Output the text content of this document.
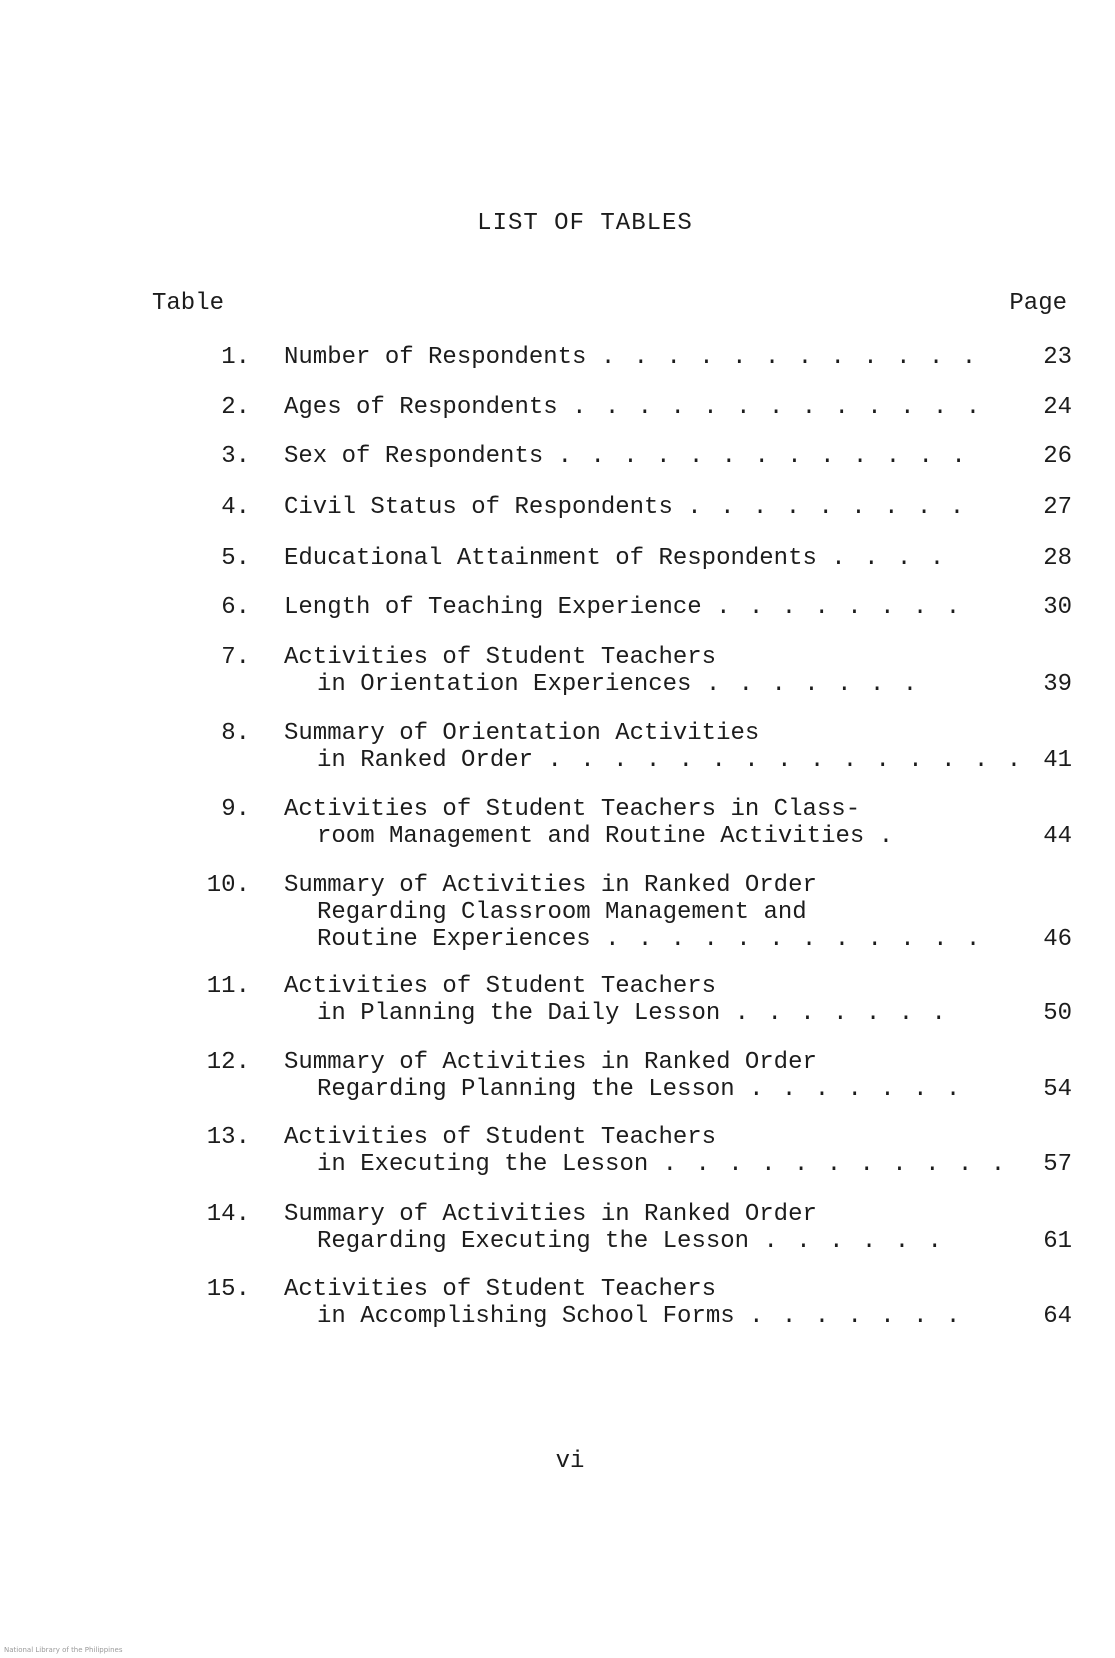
LIST OF TABLES
Table	Page
1. Number of Respondents . . . . . . . . . . . .	23
2. Ages of Respondents . . . . . . . . . . . . .	24
3. Sex of Respondents . . . . . . . . . . . . .	26
4. Civil Status of Respondents . . . . . . . . .	27
5. Educational Attainment of Respondents . . . .	28
6. Length of Teaching Experience . . . . . . . .	30
7. Activities of Student Teachers
in Orientation Experiences . . . . . . .	39
8. Summary of Orientation Activities
in Ranked Order . . . . . . . . . . . . . . . 41
9. Activities of Student Teachers in Class-
room Management and Routine Activities .	44
10. Summary of Activities in Ranked Order
Regarding Classroom Management and
Routine Experiences . . . . . . . . . . . .	46
11. Activities of Student Teachers
in Planning the Daily Lesson . . . . . . .	50
12. Summary of Activities in Ranked Order
Regarding Planning the Lesson . . . . . . .	54
13. Activities of Student Teachers
in Executing the Lesson . . . . . . . . . . . 57
14. Summary of Activities in Ranked Order
Regarding Executing the Lesson . . . . . .	61
15. Activities of Student Teachers
in Accomplishing School Forms . . . . . . .	64
vi
National Library of the Philippines
